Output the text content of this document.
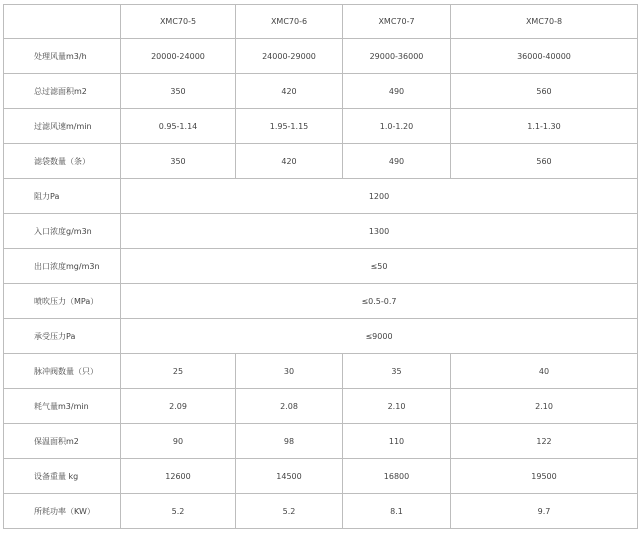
	XMC70-5	XMC70-6	XMC70-7	XMC70-8
处理风量m3/h	20000-24000	24000-29000	29000-36000	36000-40000
总过滤面积m2	350	420	490	560
过滤风速m/min	0.95-1.14	1.95-1.15	1.0-1.20	1.1-1.30
滤袋数量（条）	350	420	490	560
阻力Pa	1200			
入口浓度g/m3n	1300			
出口浓度mg/m3n	≤50			
喷吹压力（MPa）	≤0.5-0.7			
承受压力Pa	≤9000			
脉冲阀数量（只）	25	30	35	40
耗气量m3/min	2.09	2.08	2.10	2.10
保温面积m2	90	98	110	122
设备重量 kg	12600	14500	16800	19500
所耗功率（KW）	5.2	5.2	8.1	9.7
